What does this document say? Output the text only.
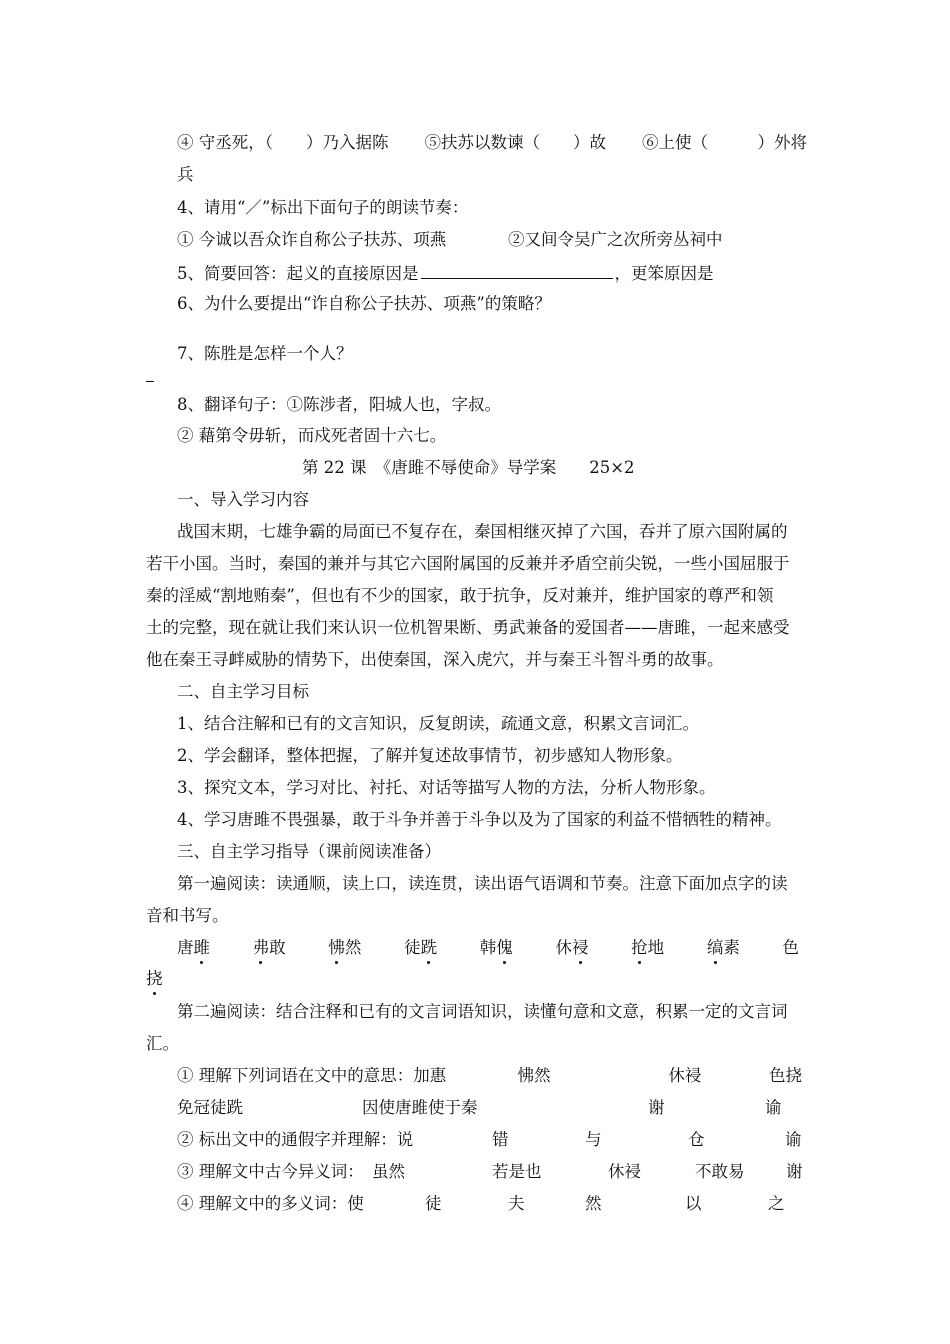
④ 守丞死，（　　）乃入据陈 ⑤扶苏以数谏（　　）故 ⑥上使（　　　）外将
兵
4、请用“／”标出下面句子的朗读节奏：
① 今诚以吾众诈自称公子扶苏、项燕	②又间令吴广之次所旁丛祠中
5、简要回答：起义的直接原因是	，更笨原因是
6、为什么要提出“诈自称公子扶苏、项燕”的策略？
7、陈胜是怎样一个人？
8、翻译句子：①陈涉者，阳城人也，字叔。
② 藉第令毋斩，而戍死者固十六七。
第 22 课　《唐雎不辱使命》导学案　　25×2
一、导入学习内容
战国末期，七雄争霸的局面已不复存在，秦国相继灭掉了六国，吞并了原六国附属的
若干小国。当时，秦国的兼并与其它六国附属国的反兼并矛盾空前尖锐，一些小国屈服于
秦的淫威“割地贿秦”，但也有不少的国家，敢于抗争，反对兼并，维护国家的尊严和领
土的完整，现在就让我们来认识一位机智果断、勇武兼备的爱国者——唐雎，一起来感受
他在秦王寻衅威胁的情势下，出使秦国，深入虎穴，并与秦王斗智斗勇的故事。
二、自主学习目标
1、结合注解和已有的文言知识，反复朗读，疏通文意，积累文言词汇。
2、学会翻译，整体把握，了解并复述故事情节，初步感知人物形象。
3、探究文本，学习对比、衬托、对话等描写人物的方法，分析人物形象。
4、学习唐雎不畏强暴，敢于斗争并善于斗争以及为了国家的利益不惜牺牲的精神。
三、自主学习指导（课前阅读准备）
第一遍阅读：读通顺，读上口，读连贯，读出语气语调和节奏。注意下面加点字的读
音和书写。
唐雎	弗敢	怫然	徒跣	韩傀	休祲	抢地	缟素	色
挠
第二遍阅读：结合注释和已有的文言词语知识，读懂句意和文意，积累一定的文言词
汇。
① 理解下列词语在文中的意思：加惠	怫然	休祲	色挠
免冠徒跣	因使唐雎使于秦	谢	谕
② 标出文中的通假字并理解：说	错	与	仓	谕
③ 理解文中古今异义词：　虽然	若是也	休祲	不敢易	谢
④ 理解文中的多义词：使	徒	夫	然	以	之
